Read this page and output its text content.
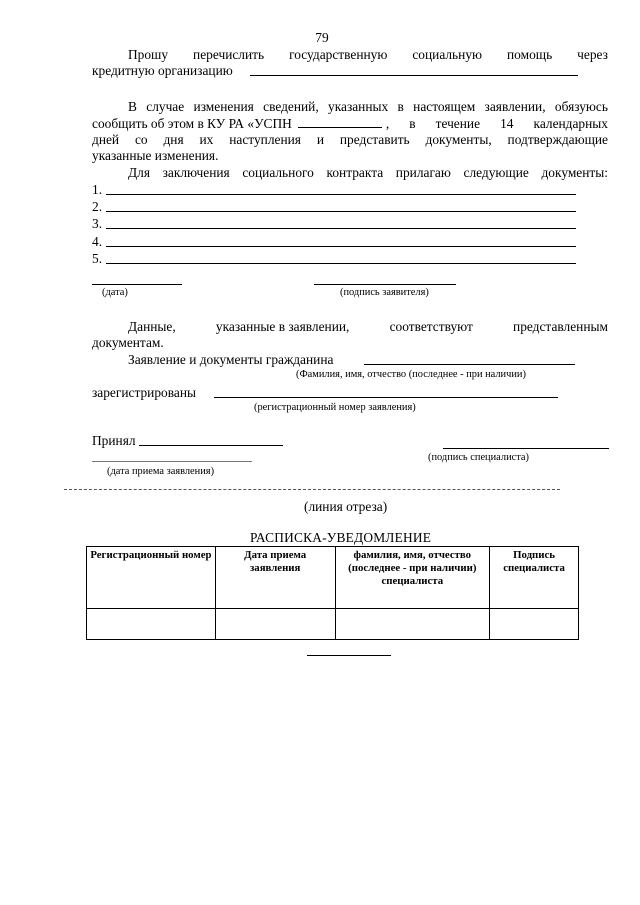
79
Прошу перечислить государственную социальную помощь через
кредитную организацию
В случае изменения сведений, указанных в настоящем заявлении, обязуюсь
сообщить об этом в КУ РА «УСПН	, в течение 14 календарных
дней со дня их наступления и представить документы, подтверждающие
указанные изменения.
Для заключения социального контракта прилагаю следующие документы:
1.
2.
3.
4.
5.
(дата)	(подпись заявителя)
Данные,	указанные в заявлении,	соответствуют	представленным
документам.
Заявление и документы гражданина
(Фамилия, имя, отчество (последнее - при наличии)
зарегистрированы
(регистрационный номер заявления)
Принял
(подпись специалиста)
(дата приема заявления)
(линия отреза)
РАСПИСКА-УВЕДОМЛЕНИЕ
Регистрационный номер	Дата приема заявления	фамилия, имя, отчество (последнее - при наличии) специалиста	Подпись специалиста
